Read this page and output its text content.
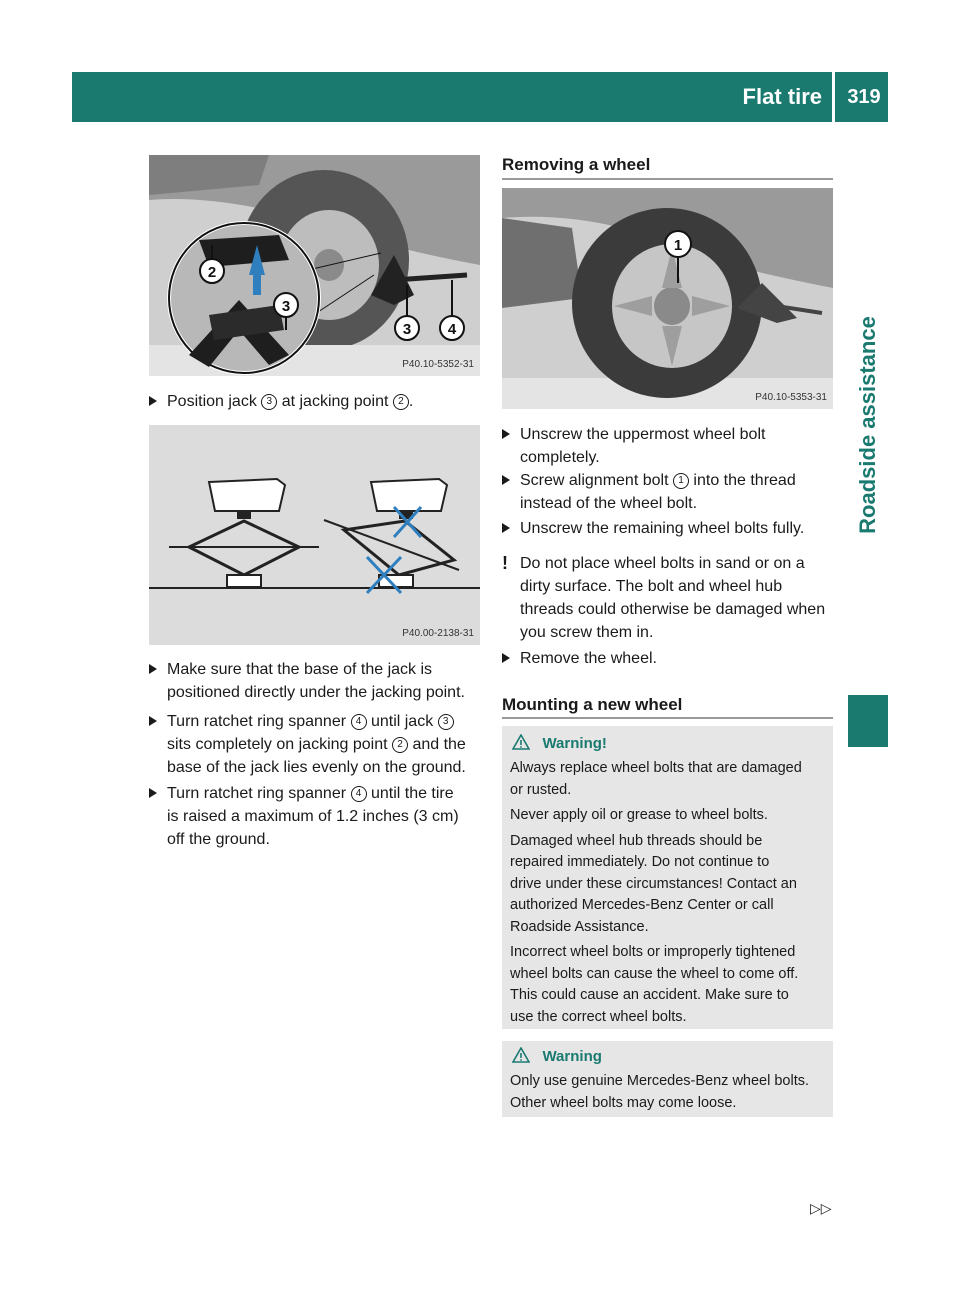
Flat tire	319
Roadside assistance
2
3
3 4
P40.10-5352-31
Position jack 3 at jacking point 2 .
P40.00-2138-31
Make sure that the base of the jack is
positioned directly under the jacking point.
Turn ratchet ring spanner 4 until jack 3
sits completely on jacking point 2 and the
base of the jack lies evenly on the ground.
Turn ratchet ring spanner 4 until the tire
is raised a maximum of 1.2 inches (3 cm)
off the ground.
Removing a wheel
1
P40.10-5353-31
Unscrew the uppermost wheel bolt
completely.
Screw alignment bolt 1 into the thread
instead of the wheel bolt.
Unscrew the remaining wheel bolts fully.
! Do not place wheel bolts in sand or on a
dirty surface. The bolt and wheel hub
threads could otherwise be damaged when
you screw them in.
Remove the wheel.
Mounting a new wheel
Warning!
Always replace wheel bolts that are damaged
or rusted.
Never apply oil or grease to wheel bolts.
Damaged wheel hub threads should be
repaired immediately. Do not continue to
drive under these circumstances! Contact an
authorized Mercedes-Benz Center or call
Roadside Assistance.
Incorrect wheel bolts or improperly tightened
wheel bolts can cause the wheel to come off.
This could cause an accident. Make sure to
use the correct wheel bolts.
Warning
Only use genuine Mercedes-Benz wheel bolts.
Other wheel bolts may come loose.
▷▷
